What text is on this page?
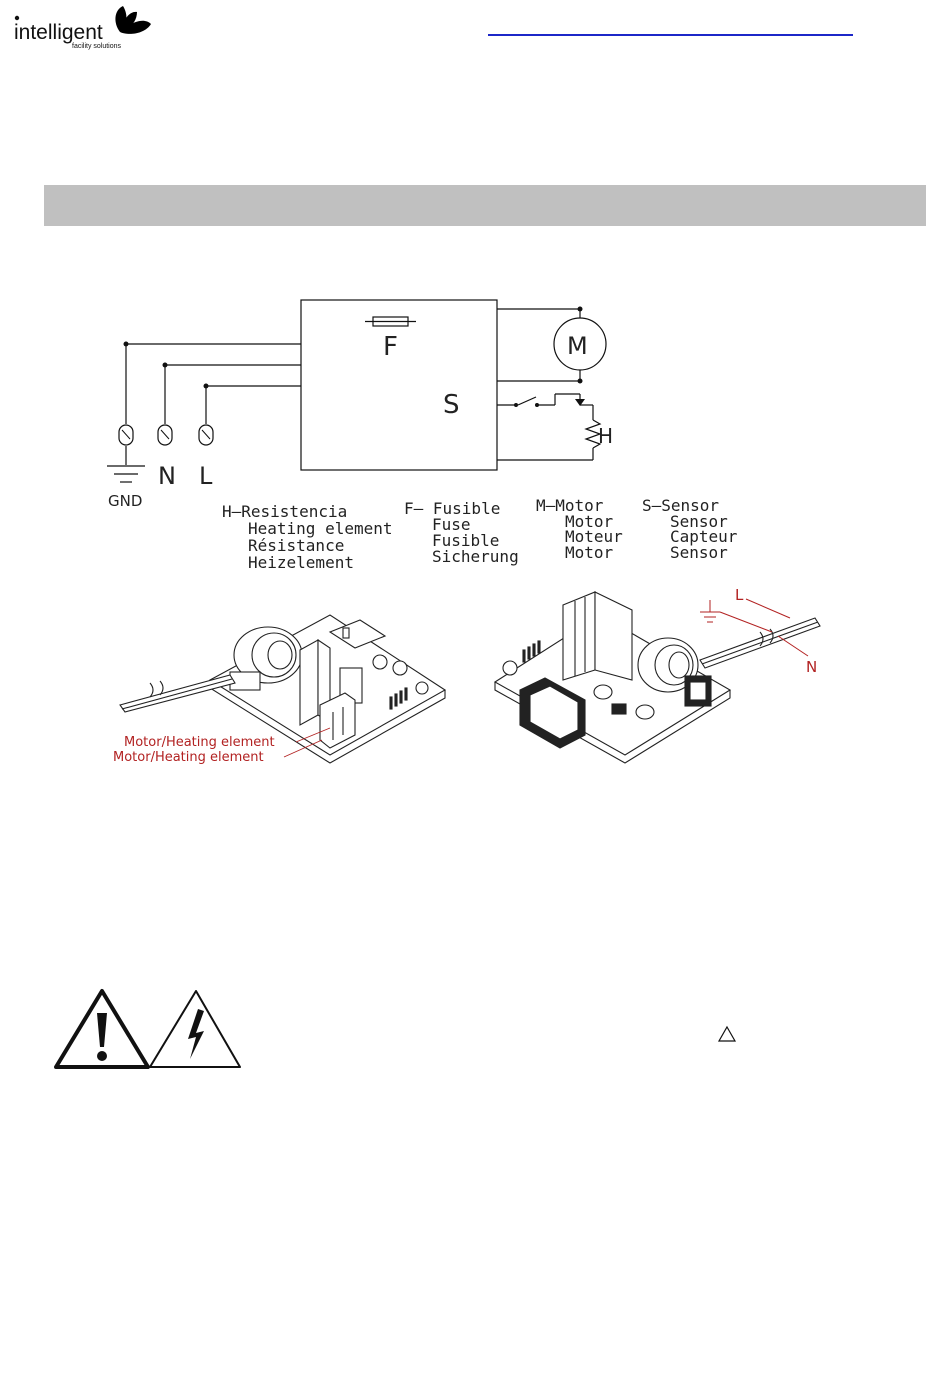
intelligent
facility solutions
F
S
M
H
GND
N L
H—Resistencia
Heating element
Résistance
Heizelement
F— Fusible
Fuse
Fusible
Sicherung
M—Motor
Motor
Moteur
Motor
S—Sensor
Sensor
Capteur
Sensor
Motor/Heating element
Motor/Heating element
L
N
